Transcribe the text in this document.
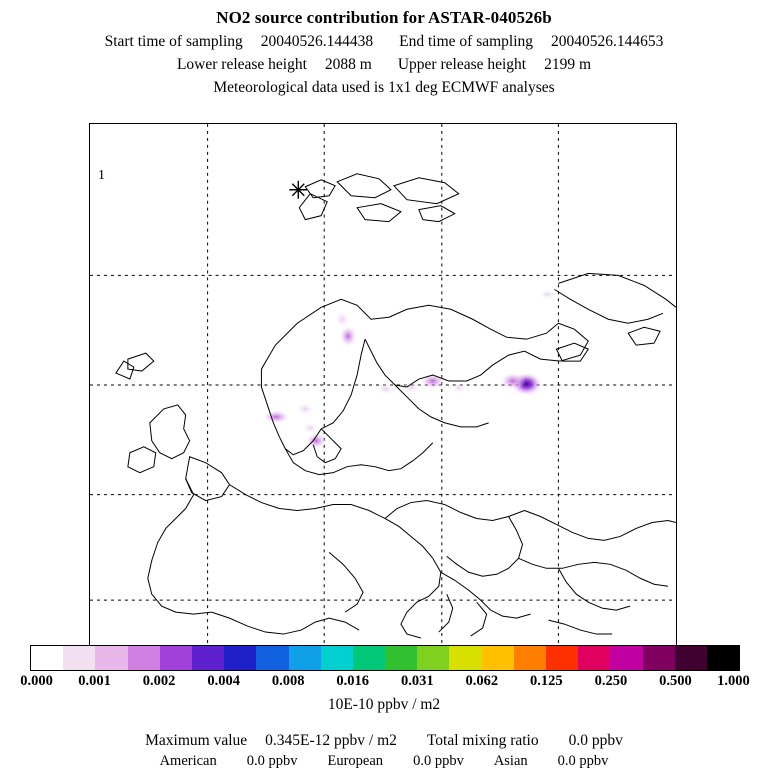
NO2 source contribution for ASTAR-040526b
Start time of sampling 20040526.144438 End time of sampling 20040526.144653
Lower release height 2088 m Upper release height 2199 m
Meteorological data used is 1x1 deg ECMWF analyses
1
0.000 0.001 0.002 0.004 0.008 0.016 0.031 0.062 0.125 0.250 0.500 1.000
10E-10 ppbv / m2
Maximum value 0.345E-12 ppbv / m2 Total mixing ratio 0.0 ppbv
American 0.0 ppbv European 0.0 ppbv Asian 0.0 ppbv
